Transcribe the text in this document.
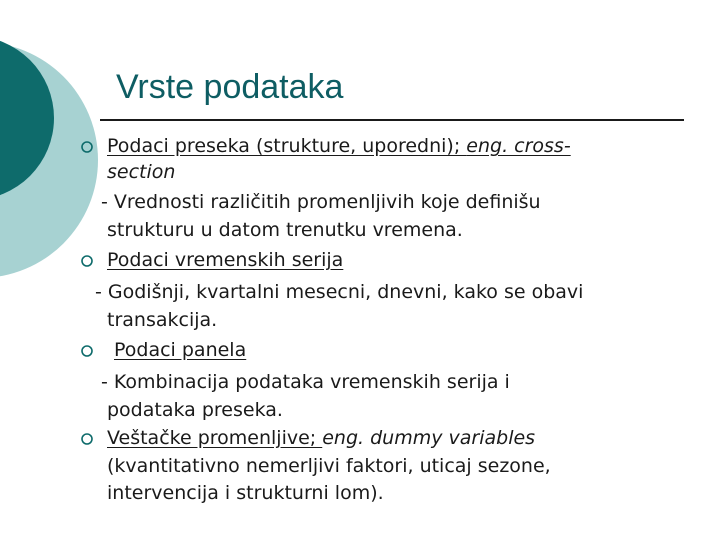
Vrste podataka
Podaci preseka (strukture, uporedni); eng. cross-
section
- Vrednosti različitih promenljivih koje definišu
strukturu u datom trenutku vremena.
Podaci vremenskih serija
- Godišnji, kvartalni mesecni, dnevni, kako se obavi
transakcija.
Podaci panela
- Kombinacija podataka vremenskih serija i
podataka preseka.
Veštačke promenljive; eng. dummy variables
(kvantitativno nemerljivi faktori, uticaj sezone,
intervencija i strukturni lom).
